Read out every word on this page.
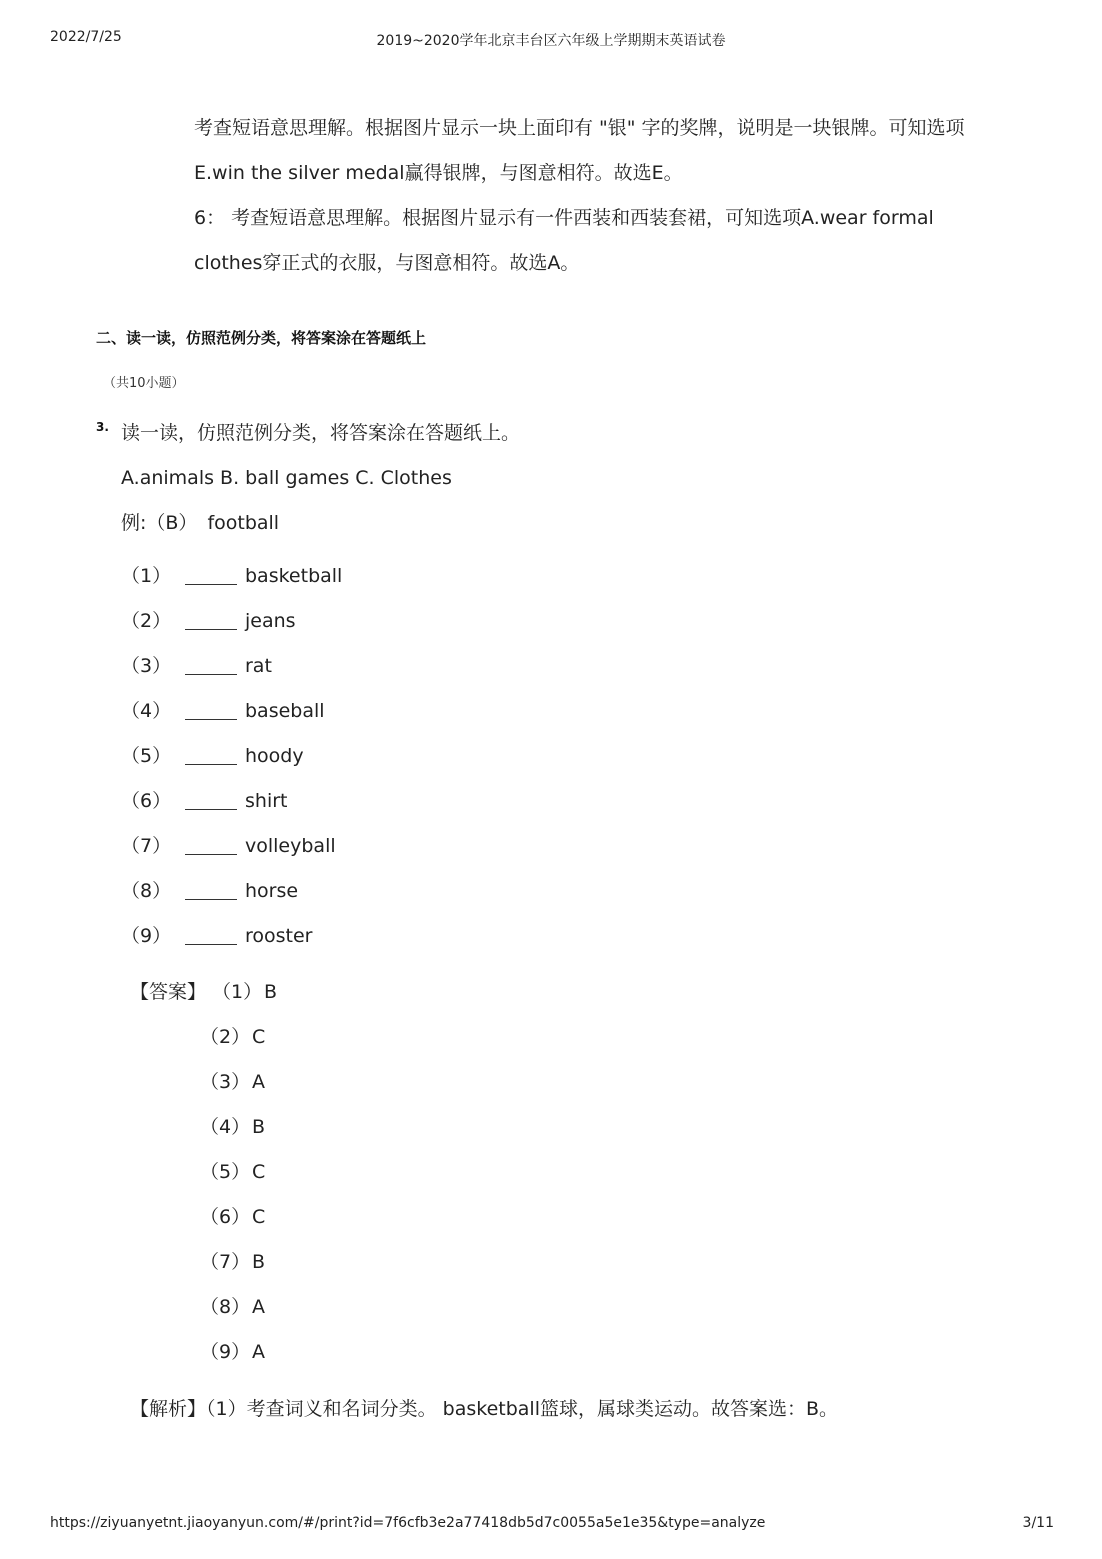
2022/7/25	2019~2020学年北京丰台区六年级上学期期末英语试卷
考查短语意思理解。根据图片显示一块上面印有 "银" 字的奖牌，说明是一块银牌。可知选项
E.win the silver medal赢得银牌，与图意相符。故选E。
6： 考查短语意思理解。根据图片显示有一件西装和西装套裙，可知选项A.wear formal
clothes穿正式的衣服，与图意相符。故选A。
二、读一读，仿照范例分类，将答案涂在答题纸上
（共10小题）
3. 读一读，仿照范例分类，将答案涂在答题纸上。
A.animals B. ball games C. Clothes
例:（B） football
（1）	basketball
（2）	jeans
（3）	rat
（4）	baseball
（5）	hoody
（6）	shirt
（7）	volleyball
（8）	horse
（9）	rooster
【答案】 （1） B
（2） C
（3） A
（4） B
（5） C
（6） C
（7） B
（8） A
（9） A
【解析】（1）考查词义和名词分类。 basketball篮球，属球类运动。故答案选：B。
https://ziyuanyetnt.jiaoyanyun.com/#/print?id=7f6cfb3e2a77418db5d7c0055a5e1e35&type=analyze	3/11
